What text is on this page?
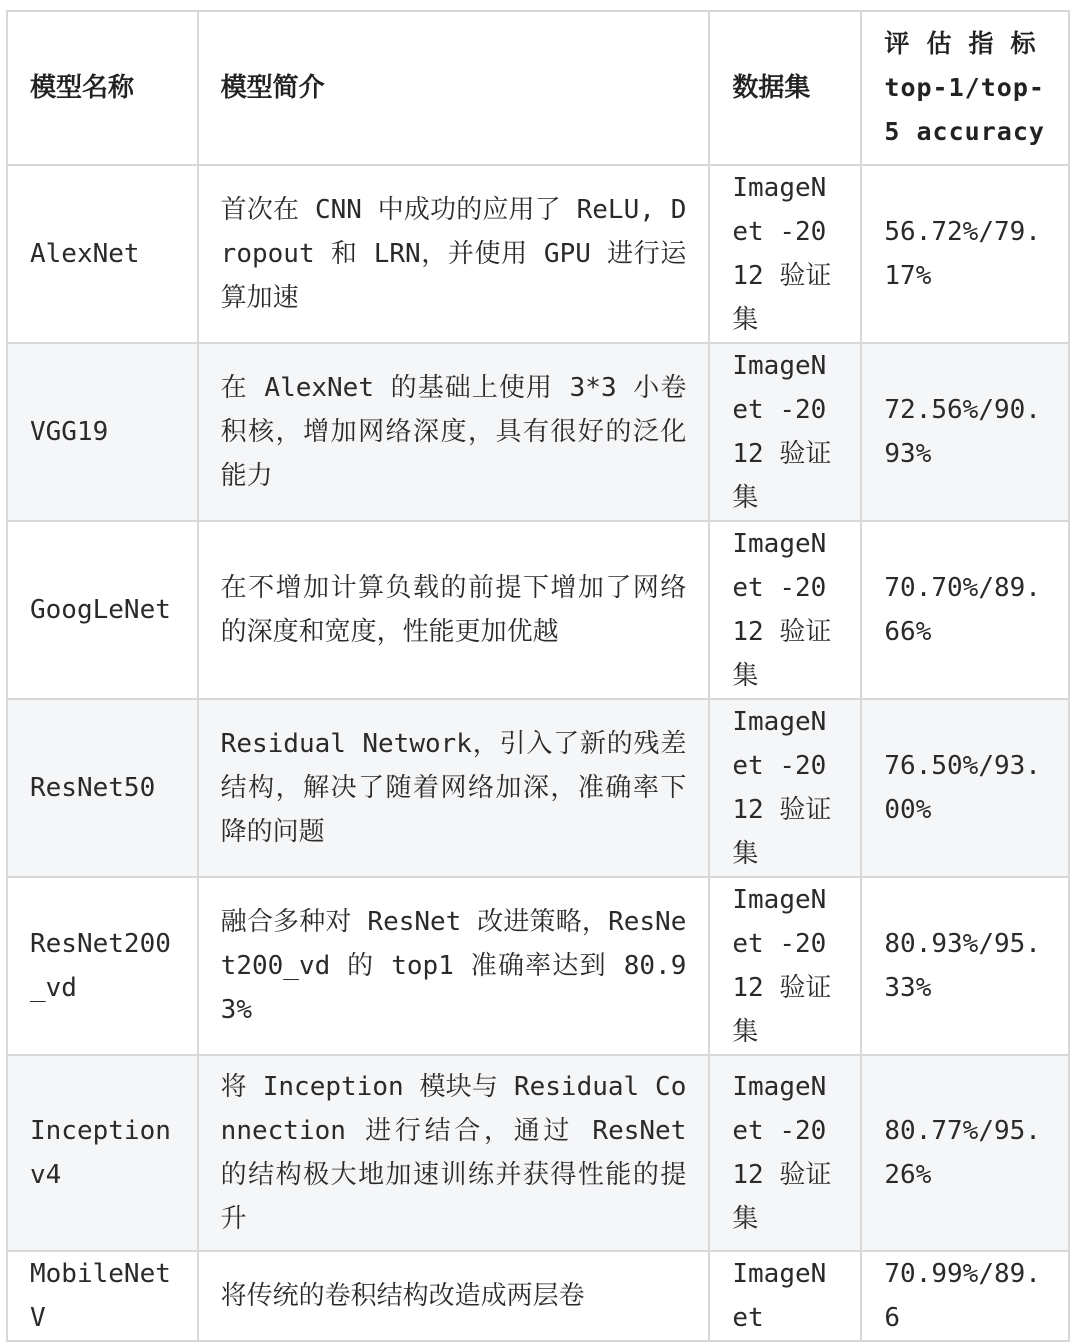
模型名称	模型简介	数据集	评 估 指 标 top-1/top-5 accuracy
AlexNet	首次在 CNN 中成功的应用了 ReLU, Dropout 和 LRN，并使用 GPU 进行运算加速	ImageNet -2012 验证集	56.72%/79.17%
VGG19	在 AlexNet 的基础上使用 3*3 小卷积核，增加网络深度，具有很好的泛化能力	ImageNet -2012 验证集	72.56%/90.93%
GoogLeNet	在不增加计算负载的前提下增加了网络的深度和宽度，性能更加优越	ImageNet -2012 验证集	70.70%/89.66%
ResNet50	Residual Network，引入了新的残差结构，解决了随着网络加深，准确率下降的问题	ImageNet -2012 验证集	76.50%/93.00%
ResNet200_vd	融合多种对 ResNet 改进策略，ResNet200_vd 的 top1 准确率达到 80.93%	ImageNet -2012 验证集	80.93%/95.33%
Inceptionv4	将 Inception 模块与 Residual Connection 进行结合，通过 ResNet 的结构极大地加速训练并获得性能的提升	ImageNet -2012 验证集	80.77%/95.26%
MobileNetV	将传统的卷积结构改造成两层卷	ImageNet	70.99%/89.6
